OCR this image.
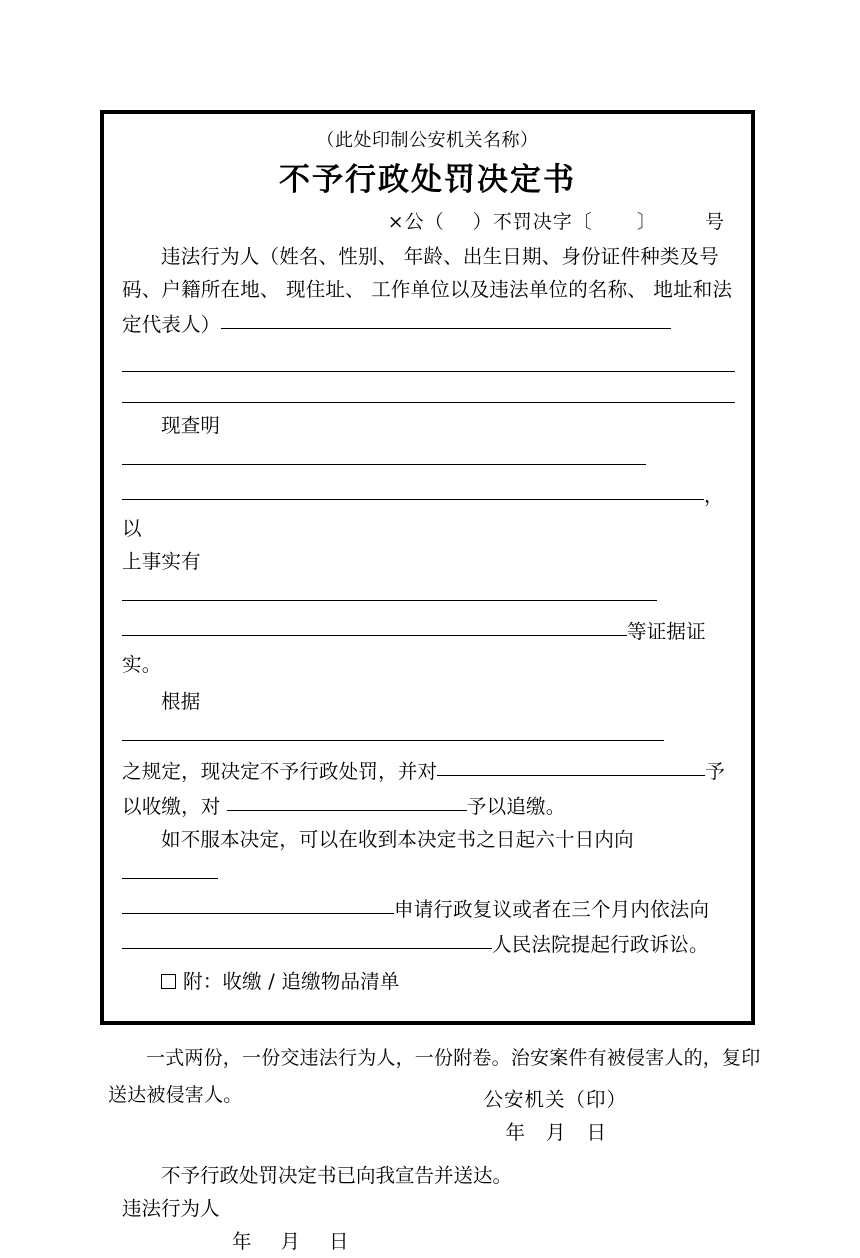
（此处印制公安机关名称）
不予行政处罚决定书
×公（ ）不罚决字〔 〕	号
违法行为人（姓名、性别、 年龄、出生日期、身份证件种类及号
码、户籍所在地、 现住址、 工作单位以及违法单位的名称、 地址和法
定代表人）
现查明
，以
上事实有
等证据证实。
根据
之规定，现决定不予行政处罚，并对	予
以收缴，对	予以追缴。
如不服本决定，可以在收到本决定书之日起六十日内向
申请行政复议或者在三个月内依法向
人民法院提起行政诉讼。
附：收缴 / 追缴物品清单
公安机关（印）
年 月 日
不予行政处罚决定书已向我宣告并送达。
违法行为人
年 月 日
一式两份，一份交违法行为人，一份附卷。治安案件有被侵害人的，复印送达被侵害人。
